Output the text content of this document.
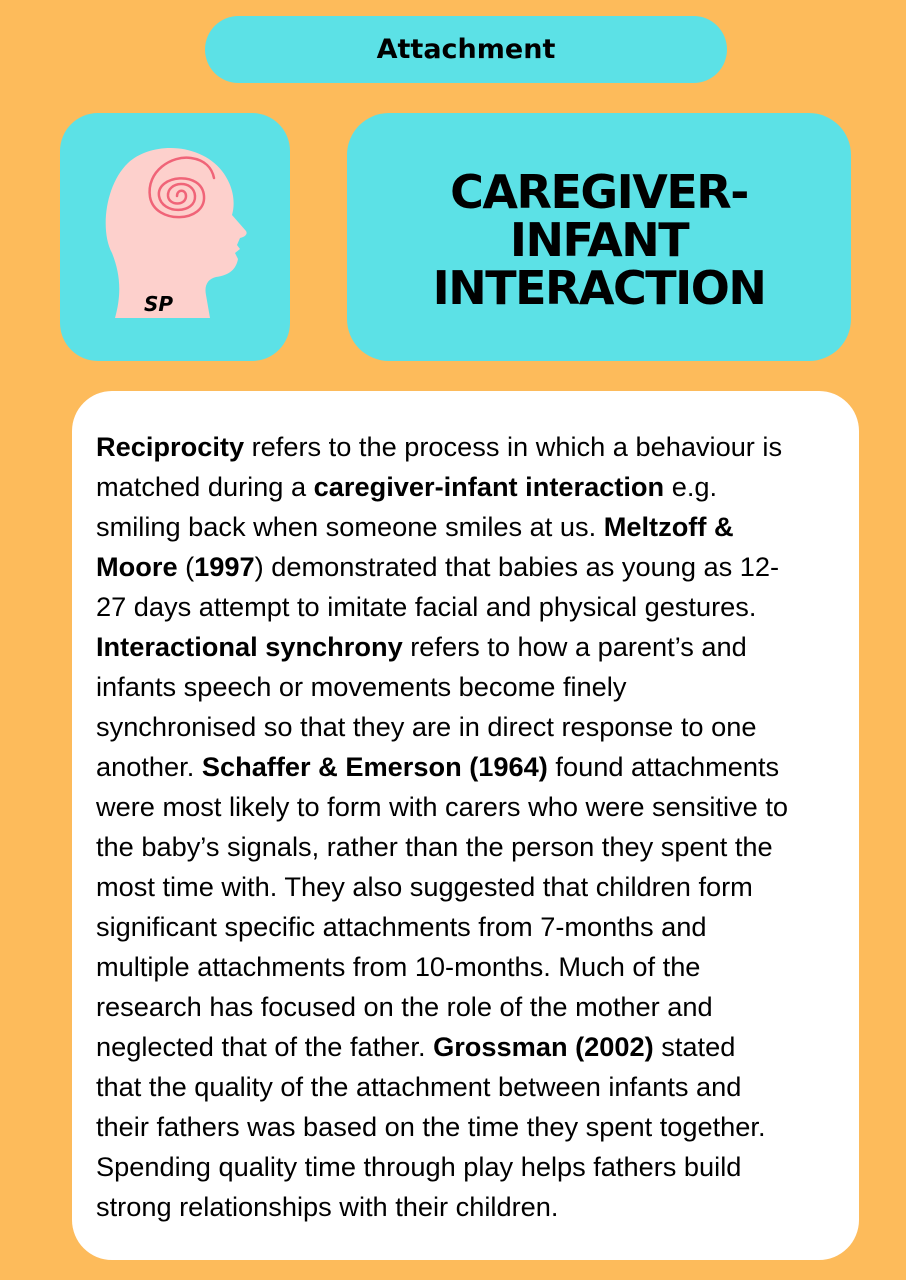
Attachment
SP
CAREGIVER-
INFANT
INTERACTION
Reciprocity refers to the process in which a behaviour is
matched during a caregiver-infant interaction e.g.
smiling back when someone smiles at us. Meltzoff &
Moore (1997) demonstrated that babies as young as 12-
27 days attempt to imitate facial and physical gestures.
Interactional synchrony refers to how a parent’s and
infants speech or movements become finely
synchronised so that they are in direct response to one
another. Schaffer & Emerson (1964) found attachments
were most likely to form with carers who were sensitive to
the baby’s signals, rather than the person they spent the
most time with. They also suggested that children form
significant specific attachments from 7-months and
multiple attachments from 10-months. Much of the
research has focused on the role of the mother and
neglected that of the father. Grossman (2002) stated
that the quality of the attachment between infants and
their fathers was based on the time they spent together.
Spending quality time through play helps fathers build
strong relationships with their children.
